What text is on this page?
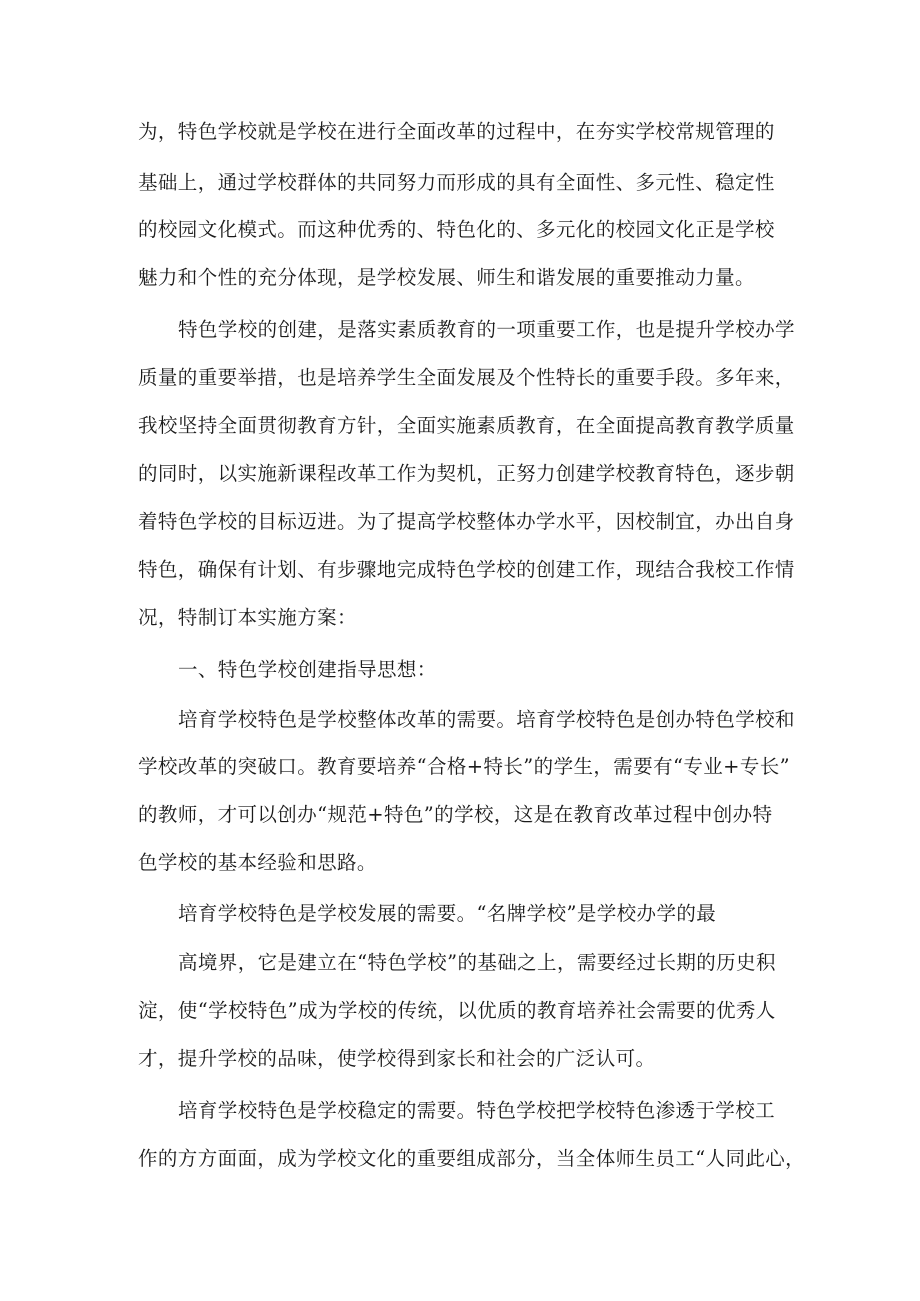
为，特色学校就是学校在进行全面改革的过程中，在夯实学校常规管理的

基础上，通过学校群体的共同努力而形成的具有全面性、多元性、稳定性

的校园文化模式。而这种优秀的、特色化的、多元化的校园文化正是学校

魅力和个性的充分体现，是学校发展、师生和谐发展的重要推动力量。

特色学校的创建，是落实素质教育的一项重要工作，也是提升学校办学

质量的重要举措，也是培养学生全面发展及个性特长的重要手段。多年来，

我校坚持全面贯彻教育方针，全面实施素质教育，在全面提高教育教学质量

的同时，以实施新课程改革工作为契机，正努力创建学校教育特色，逐步朝

着特色学校的目标迈进。为了提高学校整体办学水平，因校制宜，办出自身

特色，确保有计划、有步骤地完成特色学校的创建工作，现结合我校工作情

况，特制订本实施方案：

一、特色学校创建指导思想：

培育学校特色是学校整体改革的需要。培育学校特色是创办特色学校和

学校改革的突破口。教育要培养“合格+特长”的学生，需要有“专业+专长”

的教师，才可以创办“规范+特色”的学校，这是在教育改革过程中创办特

色学校的基本经验和思路。

培育学校特色是学校发展的需要。“名牌学校”是学校办学的最

高境界，它是建立在“特色学校”的基础之上，需要经过长期的历史积

淀，使“学校特色”成为学校的传统，以优质的教育培养社会需要的优秀人

才，提升学校的品味，使学校得到家长和社会的广泛认可。

培育学校特色是学校稳定的需要。特色学校把学校特色渗透于学校工

作的方方面面，成为学校文化的重要组成部分，当全体师生员工“人同此心，
